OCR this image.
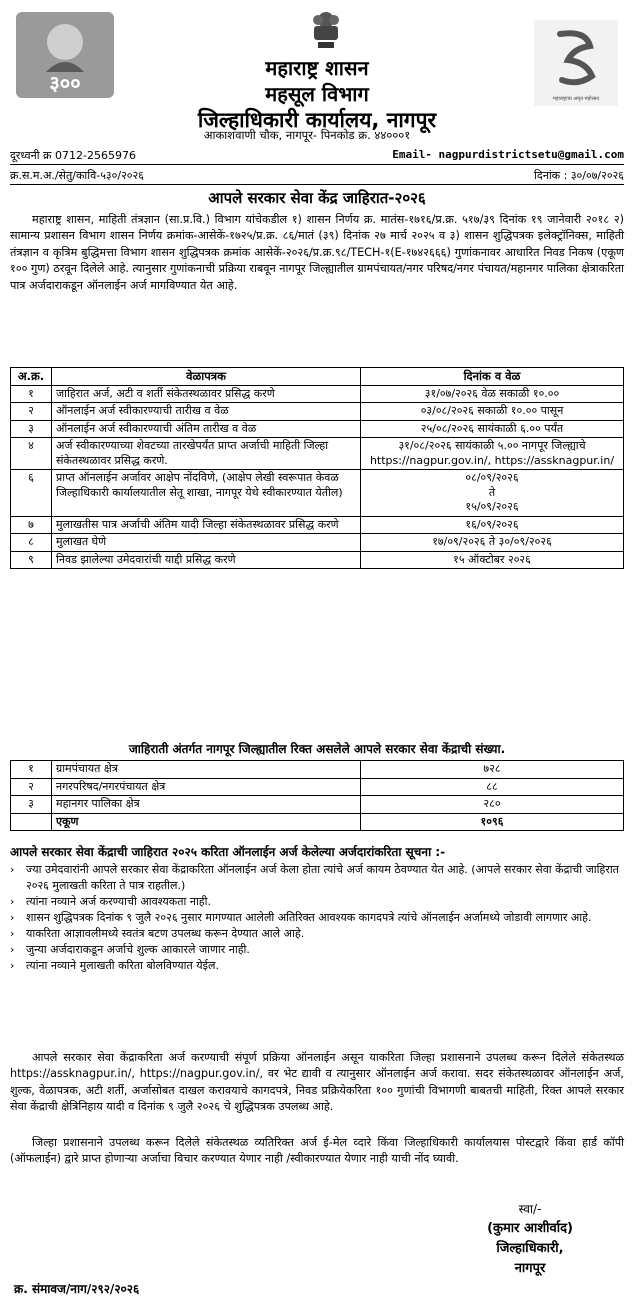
३००
महाराष्ट्राचा अमृत महोत्सव
महाराष्ट्र शासन
महसूल विभाग
जिल्हाधिकारी कार्यालय, नागपूर
आकाशवाणी चौक, नागपूर- पिनकोड क्र. ४४०००१
दूरध्वनी क्र 0712-2565976	Email- nagpurdistrictsetu@gmail.com
क्र.स.म.अ./सेतु/कावि-५३०/२०२६	दिनांक : ३०/०७/२०२६
आपले सरकार सेवा केंद्र जाहिरात-२०२६
महाराष्ट्र शासन, माहिती तंत्रज्ञान (सा.प्र.वि.) विभाग यांचेकडील १) शासन निर्णय क्र. मातंस-१७१६/प्र.क्र. ५१७/३९ दिनांक १९ जानेवारी २०१८ २) सामान्य प्रशासन विभाग शासन निर्णय क्रमांक-आसेकें-१७२५/प्र.क्र. ८६/मातं (३९) दिनांक २७ मार्च २०२५ व ३) शासन शुद्धिपत्रक इलेक्ट्रॉनिक्स, माहिती तंत्रज्ञान व कृत्रिम बुद्धिमत्ता विभाग शासन शुद्धिपत्रक क्रमांक आसेकें-२०२६/प्र.क्र.९८/TECH-१(E-१७४२६६६) गुणांकनावर आधारित निवड निकष (एकूण १०० गुण) ठरवून दिलेले आहे. त्यानुसार गुणांकनाची प्रक्रिया राबवून नागपूर जिल्ह्यातील ग्रामपंचायत/नगर परिषद/नगर पंचायत/महानगर पालिका क्षेत्राकरिता पात्र अर्जदाराकडून ऑनलाईन अर्ज मागविण्यात येत आहे.
अ.क्र.	वेळापत्रक	दिनांक व वेळ
१	जाहिरात अर्ज, अटी व शर्ती संकेतस्थळावर प्रसिद्ध करणे	३१/०७/२०२६ वेळ सकाळी १०.००
२	ऑनलाईन अर्ज स्वीकारण्याची तारीख व वेळ	०३/०८/२०२६ सकाळी १०.०० पासून
३	ऑनलाईन अर्ज स्वीकारण्याची अंतिम तारीख व वेळ	२५/०८/२०२६ सायंकाळी ६.०० पर्यंत
४	अर्ज स्वीकारण्याच्या शेवटच्या तारखेपर्यंत प्राप्त अर्जाची माहिती जिल्हा संकेतस्थळावर प्रसिद्ध करणे.	३१/०८/२०२६ सायंकाळी ५.०० नागपूर जिल्ह्याचे https://nagpur.gov.in/, https://assknagpur.in/
६	प्राप्त ऑनलाईन अर्जावर आक्षेप नोंदविणे, (आक्षेप लेखी स्वरूपात केवळ जिल्हाधिकारी कार्यालयातील सेतू शाखा, नागपूर येथे स्वीकारण्यात येतील)	०८/०९/२०२६
ते
१५/०९/२०२६

७	मुलाखतीस पात्र अर्जाची अंतिम यादी जिल्हा संकेतस्थळावर प्रसिद्ध करणे	१६/०९/२०२६
८	मुलाखत घेणे	१७/०९/२०२६ ते ३०/०९/२०२६
९	निवड झालेल्या उमेदवारांची याद्दी प्रसिद्ध करणे	१५ ऑक्टोबर २०२६
जाहिराती अंतर्गत नागपूर जिल्ह्यातील रिक्त असलेले आपले सरकार सेवा केंद्राची संख्या.
१	ग्रामपंचायत क्षेत्र	७२८
२	नगरपरिषद/नगरपंचायत क्षेत्र	८८
३	महानगर पालिका क्षेत्र	२८०
	एकूण	१०९६
आपले सरकार सेवा केंद्राची जाहिरात २०२५ करिता ऑनलाईन अर्ज केलेल्या अर्जदारांकरिता सूचना :-
› ज्या उमेदवारांनी आपले सरकार सेवा केंद्राकरिता ऑनलाईन अर्ज केला होता त्यांचे अर्ज कायम ठेवण्यात येत आहे. (आपले सरकार सेवा केंद्राची जाहिरात २०२६ मुलाखती करिता ते पात्र राहतील.)
› त्यांना नव्याने अर्ज करण्याची आवश्यकता नाही.
› शासन शुद्धिपत्रक दिनांक ९ जुलै २०२६ नुसार मागण्यात आलेली अतिरिक्त आवश्यक कागदपत्रे त्यांचे ऑनलाईन अर्जामध्ये जोडावी लागणार आहे.
› याकरिता आज्ञावलीमध्ये स्वतंत्र बटण उपलब्ध करून देण्यात आले आहे.
› जुन्या अर्जदाराकडून अर्जाचे शुल्क आकारले जाणार नाही.
› त्यांना नव्याने मुलाखती करिता बोलविण्यात येईल.
आपले सरकार सेवा केंद्राकरिता अर्ज करण्याची संपूर्ण प्रक्रिया ऑनलाईन असून याकरिता जिल्हा प्रशासनाने उपलब्ध करून दिलेले संकेतस्थळ https://assknagpur.in/, https://nagpur.gov.in/, वर भेट द्यावी व त्यानुसार ऑनलाईन अर्ज करावा. सदर संकेतस्थळावर ऑनलाईन अर्ज, शुल्क, वेळापत्रक, अटी शर्ती, अर्जासोबत दाखल करावयाचे कागदपत्रे, निवड प्रक्रियेकरिता १०० गुणांची विभागणी बाबतची माहिती, रिक्त आपले सरकार सेवा केंद्राची क्षेत्रिनिहाय यादी व दिनांक ९ जुलै २०२६ चे शुद्धिपत्रक उपलब्ध आहे.
जिल्हा प्रशासनाने उपलब्ध करून दिलेले संकेतस्थळ व्यतिरिक्त अर्ज ई-मेल व्दारे किंवा जिल्हाधिकारी कार्यालयास पोस्टद्वारे किंवा हार्ड कॉपी (ऑफलाईन) द्वारे प्राप्त होणाऱ्या अर्जाचा विचार करण्यात येणार नाही /स्वीकारण्यात येणार नाही याची नोंद घ्यावी.
स्वा/-
(कुमार आशीर्वाद)
जिल्हाधिकारी,
नागपूर
क्र. संमावज/नाग/२९२/२०२६
